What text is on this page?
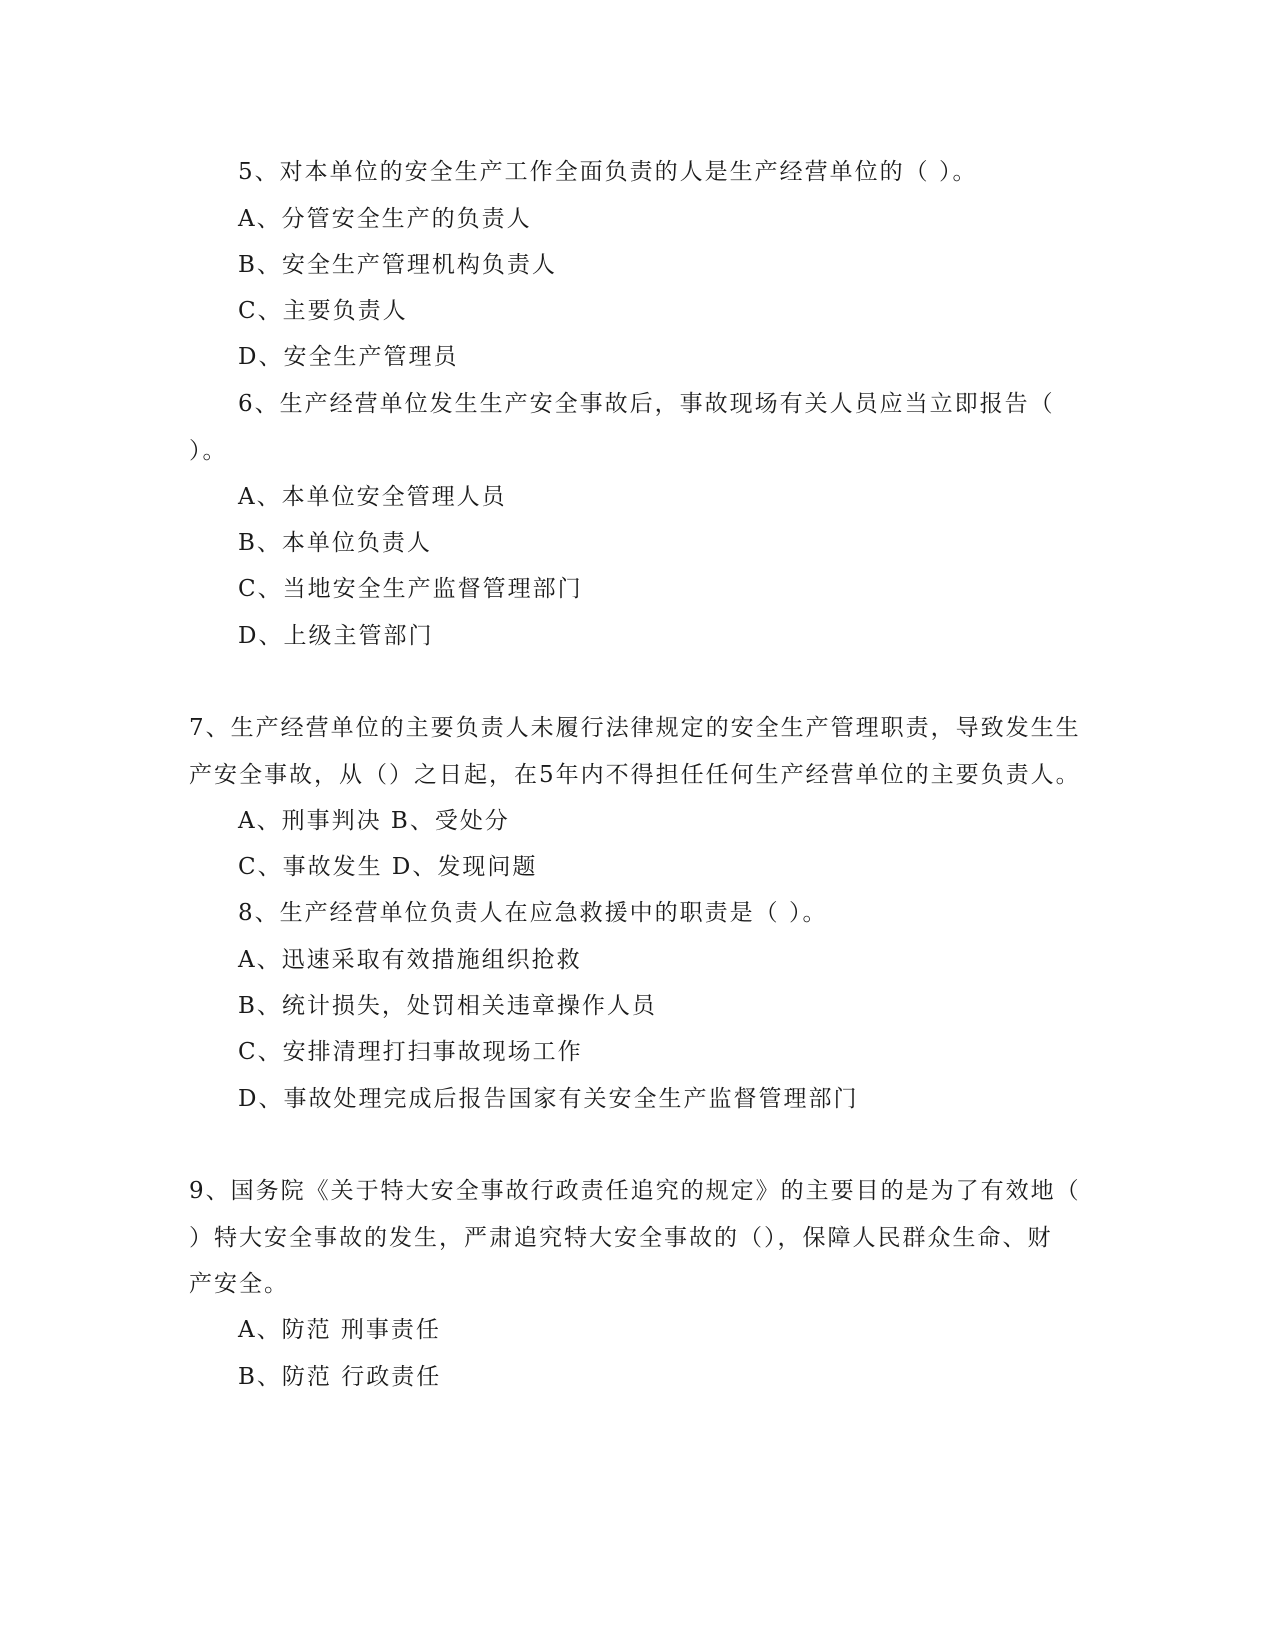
5、对本单位的安全生产工作全面负责的人是生产经营单位的（ ）。
A、分管安全生产的负责人
B、安全生产管理机构负责人
C、主要负责人
D、安全生产管理员
6、生产经营单位发生生产安全事故后，事故现场有关人员应当立即报告（
）。
A、本单位安全管理人员
B、本单位负责人
C、当地安全生产监督管理部门
D、上级主管部门
7、生产经营单位的主要负责人未履行法律规定的安全生产管理职责，导致发生生
产安全事故，从（）之日起，在5年内不得担任任何生产经营单位的主要负责人。
A、刑事判决 B、受处分
C、事故发生 D、发现问题
8、生产经营单位负责人在应急救援中的职责是（ ）。
A、迅速采取有效措施组织抢救
B、统计损失，处罚相关违章操作人员
C、安排清理打扫事故现场工作
D、事故处理完成后报告国家有关安全生产监督管理部门
9、国务院《关于特大安全事故行政责任追究的规定》的主要目的是为了有效地（
）特大安全事故的发生，严肃追究特大安全事故的（），保障人民群众生命、财
产安全。
A、防范 刑事责任
B、防范 行政责任
